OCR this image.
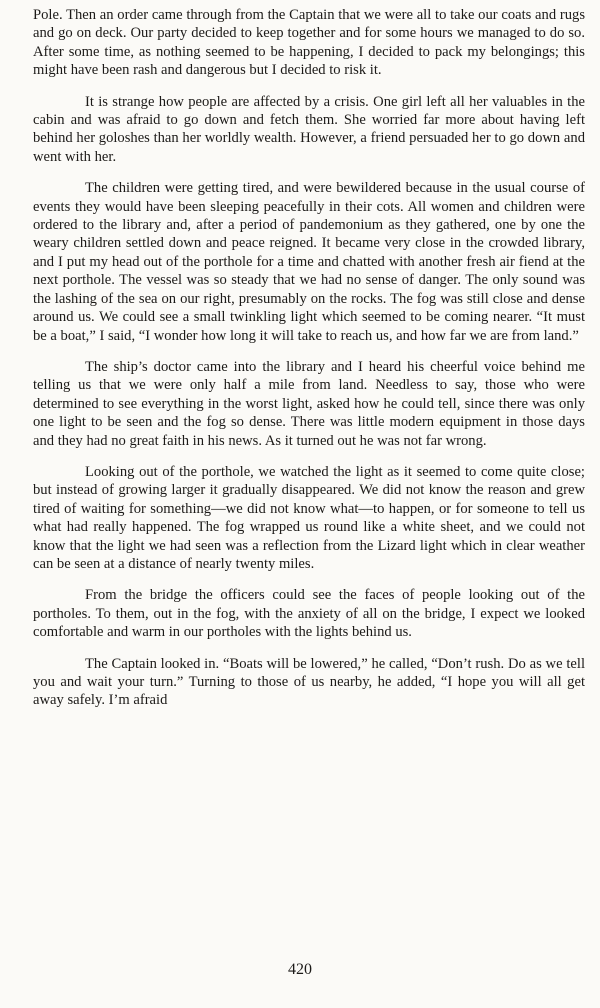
Pole. Then an order came through from the Captain that we were all to take our coats and rugs and go on deck. Our party decided to keep together and for some hours we managed to do so. After some time, as nothing seemed to be happening, I decided to pack my belongings; this might have been rash and dangerous but I decided to risk it.

It is strange how people are affected by a crisis. One girl left all her valuables in the cabin and was afraid to go down and fetch them. She worried far more about having left behind her goloshes than her worldly wealth. However, a friend persuaded her to go down and went with her.

The children were getting tired, and were bewildered because in the usual course of events they would have been sleeping peacefully in their cots. All women and children were ordered to the library and, after a period of pandemonium as they gathered, one by one the weary children settled down and peace reigned. It became very close in the crowded library, and I put my head out of the porthole for a time and chatted with another fresh air fiend at the next porthole. The vessel was so steady that we had no sense of danger. The only sound was the lashing of the sea on our right, presumably on the rocks. The fog was still close and dense around us. We could see a small twinkling light which seemed to be coming nearer. “It must be a boat,” I said, “I wonder how long it will take to reach us, and how far we are from land.”

The ship’s doctor came into the library and I heard his cheerful voice behind me telling us that we were only half a mile from land. Needless to say, those who were determined to see everything in the worst light, asked how he could tell, since there was only one light to be seen and the fog so dense. There was little modern equipment in those days and they had no great faith in his news. As it turned out he was not far wrong.

Looking out of the porthole, we watched the light as it seemed to come quite close; but instead of growing larger it gradually disappeared. We did not know the reason and grew tired of waiting for something—we did not know what—to happen, or for someone to tell us what had really happened. The fog wrapped us round like a white sheet, and we could not know that the light we had seen was a reflection from the Lizard light which in clear weather can be seen at a distance of nearly twenty miles.

From the bridge the officers could see the faces of people looking out of the portholes. To them, out in the fog, with the anxiety of all on the bridge, I expect we looked comfortable and warm in our portholes with the lights behind us.

The Captain looked in. “Boats will be lowered,” he called, “Don’t rush. Do as we tell you and wait your turn.” Turning to those of us nearby, he added, “I hope you will all get away safely. I’m afraid

420
